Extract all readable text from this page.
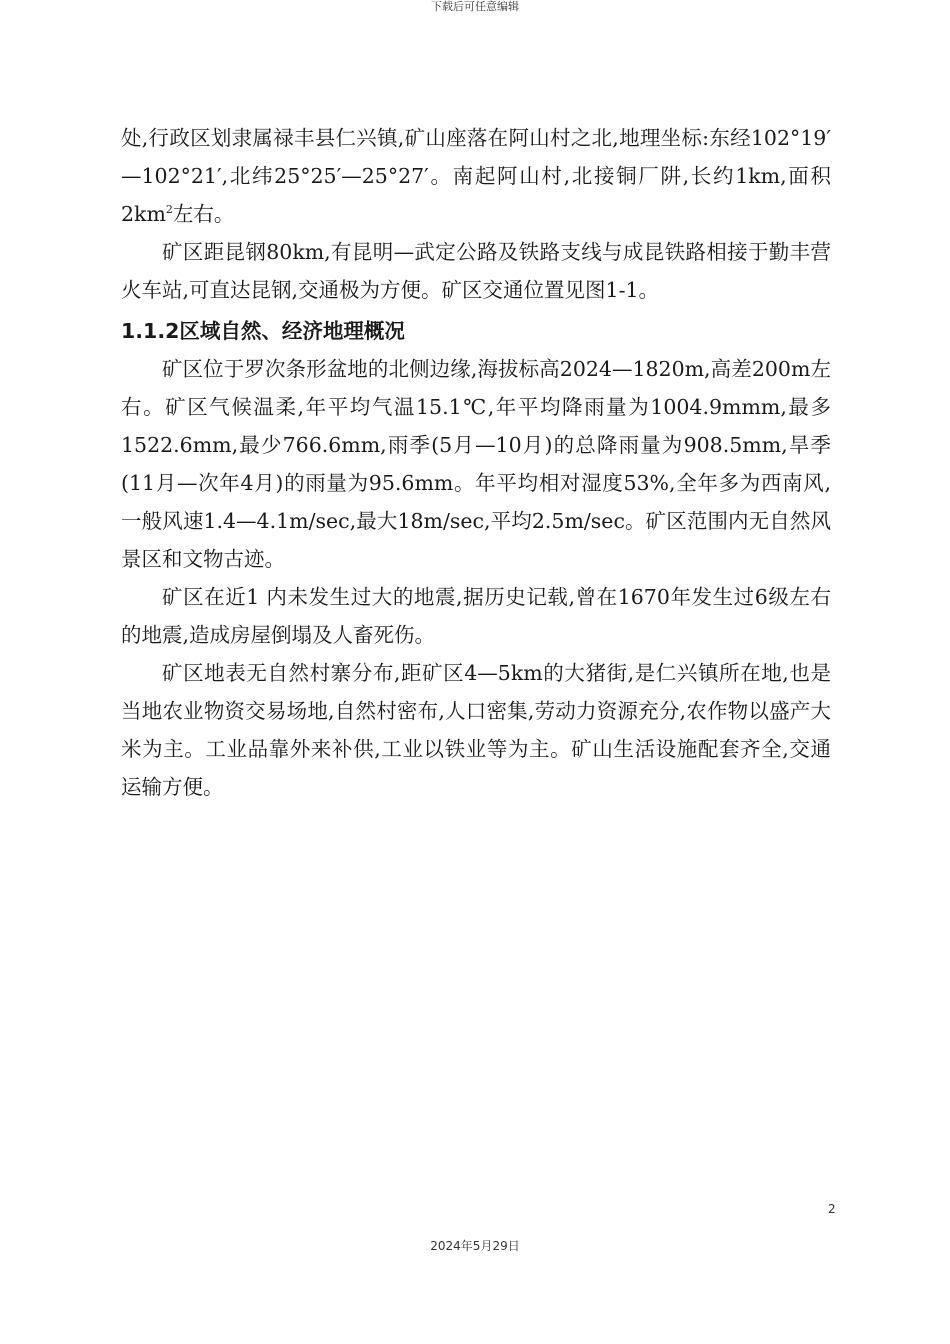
下载后可任意编辑

处,行政区划隶属禄丰县仁兴镇,矿山座落在阿山村之北,地理坐标:东经102°19′—102°21′,北纬25°25′—25°27′。南起阿山村,北接铜厂阱,长约1km,面积$2km^2$左右。

矿区距昆钢80km,有昆明—武定公路及铁路支线与成昆铁路相接于勤丰营火车站,可直达昆钢,交通极为方便。矿区交通位置见图1-1。

1.1.2区域自然、经济地理概况

矿区位于罗次条形盆地的北侧边缘,海拔标高2024—1820m,高差200m左右。矿区气候温柔,年平均气温15.1℃,年平均降雨量为1004.9mmm,最多1522.6mm,最少766.6mm,雨季(5月—10月)的总降雨量为908.5mm,旱季(11月—次年4月)的雨量为95.6mm。年平均相对湿度53%,全年多为西南风,一般风速1.4—4.1m/sec,最大18m/sec,平均2.5m/sec。矿区范围内无自然风景区和文物古迹。

矿区在近1 内未发生过大的地震,据历史记载,曾在1670年发生过6级左右的地震,造成房屋倒塌及人畜死伤。

矿区地表无自然村寨分布,距矿区4—5km的大猪街,是仁兴镇所在地,也是当地农业物资交易场地,自然村密布,人口密集,劳动力资源充分,农作物以盛产大米为主。工业品靠外来补供,工业以铁业等为主。矿山生活设施配套齐全,交通运输方便。

2
2024年5月29日
